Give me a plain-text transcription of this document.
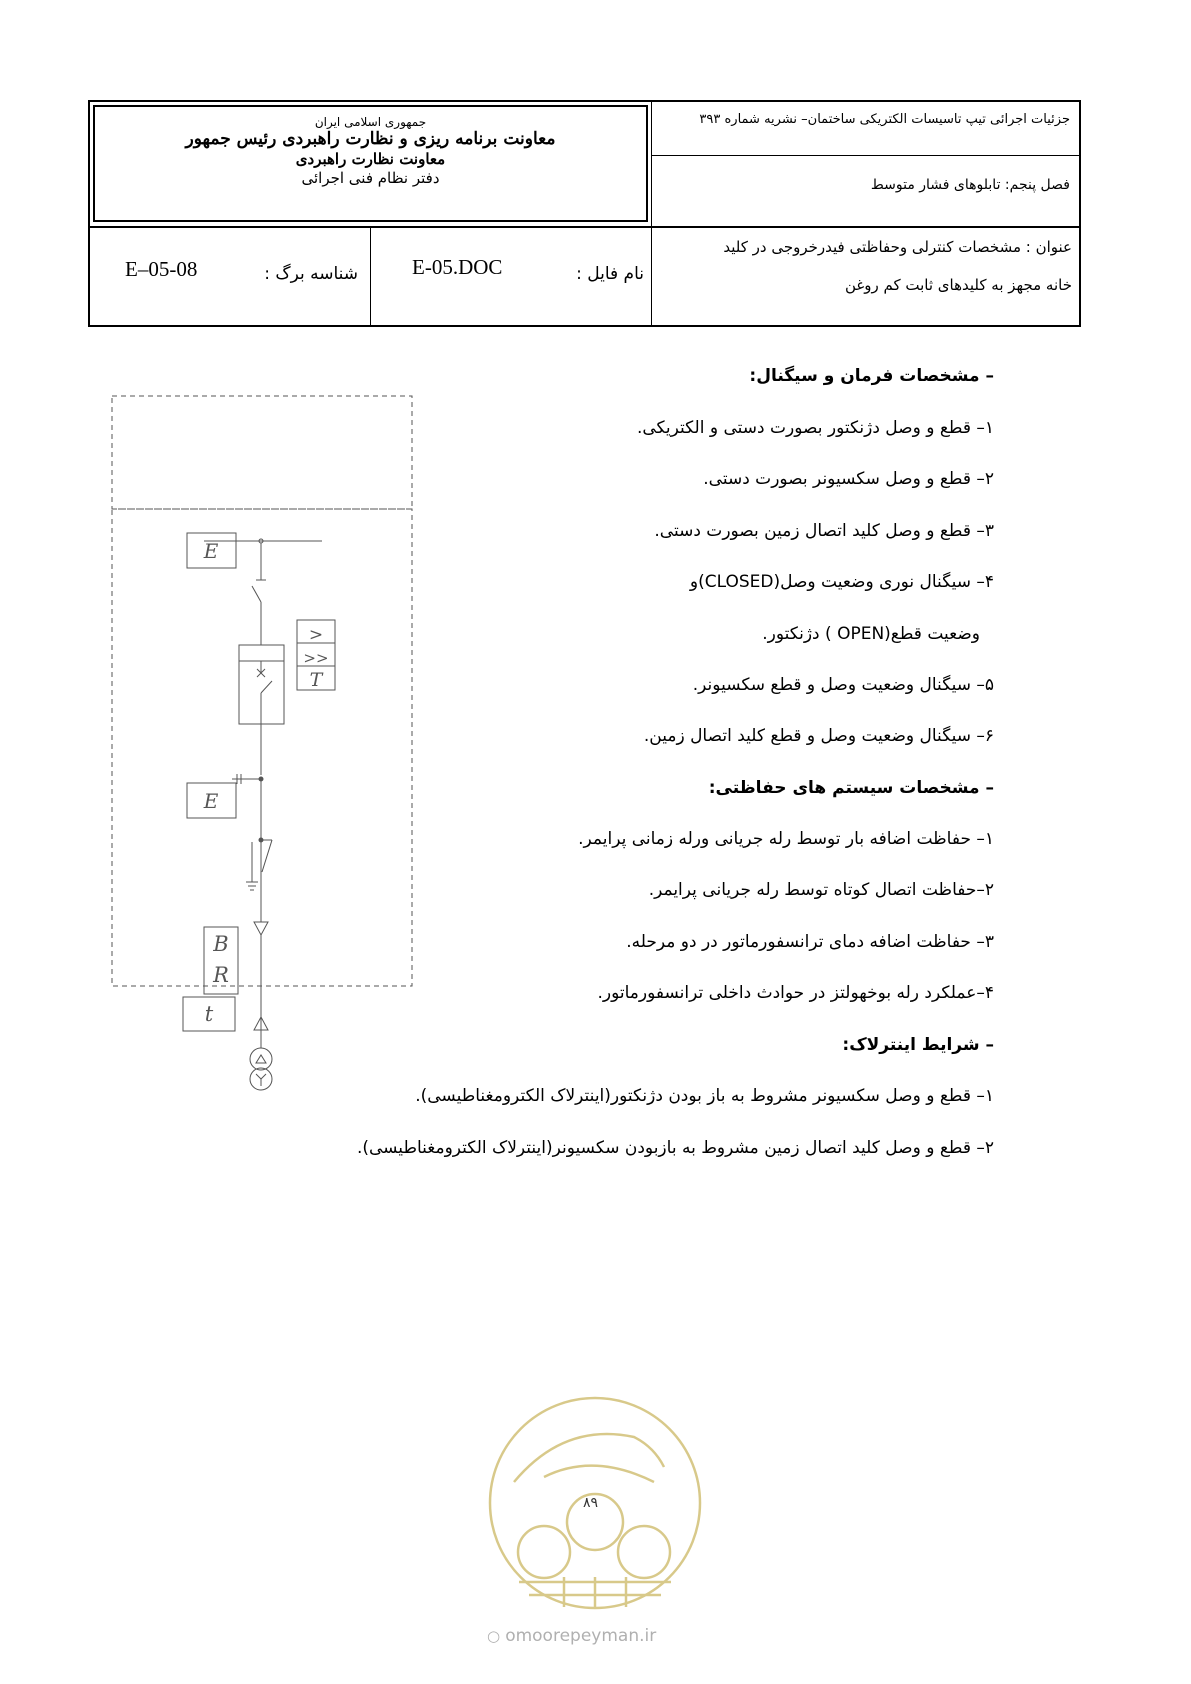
جمهوری اسلامی ایران
معاونت برنامه ریزی و نظارت راهبردی رئیس جمهور
معاونت نظارت راهبردی
دفتر نظام فنی اجرائی
جزئیات اجرائی تیپ تاسیسات الکتریکی ساختمان– نشریه شماره ۳۹۳
فصل پنجم: تابلوهای فشار متوسط
عنوان : مشخصات کنترلی وحفاظتی فیدرخروجی در کلید
خانه مجهز به کلیدهای ثابت کم روغن
نام فایل :
E-05.DOC
شناسه برگ :
E–05-08
– مشخصات فرمان و سیگنال:
۱– قطع و وصل دژنکتور بصورت دستی و الکتریکی.
۲– قطع و وصل سکسیونر بصورت دستی.
۳– قطع و وصل کلید اتصال زمین بصورت دستی.
۴– سیگنال نوری وضعیت وصل(CLOSED)و
وضعیت قطع(OPEN ) دژنکتور.
۵– سیگنال وضعیت وصل و قطع سکسیونر.
۶– سیگنال وضعیت وصل و قطع کلید اتصال زمین.
– مشخصات سیستم های حفاظتی:
۱– حفاظت اضافه بار توسط رله جریانی ورله زمانی پرایمر.
۲–حفاظت اتصال کوتاه توسط رله جریانی پرایمر.
۳– حفاظت اضافه دمای ترانسفورماتور در دو مرحله.
۴–عملکرد رله بوخهولتز در حوادث داخلی ترانسفورماتور.
– شرایط اینترلاک:
۱– قطع و وصل سکسیونر مشروط به باز بودن دژنکتور(اینترلاک الکترومغناطیسی).
۲– قطع و وصل کلید اتصال زمین مشروط به بازبودن سکسیونر(اینترلاک الکترومغناطیسی).
E
>
>>
T
E
B
R
t
۸۹
○ omoorepeyman.ir
